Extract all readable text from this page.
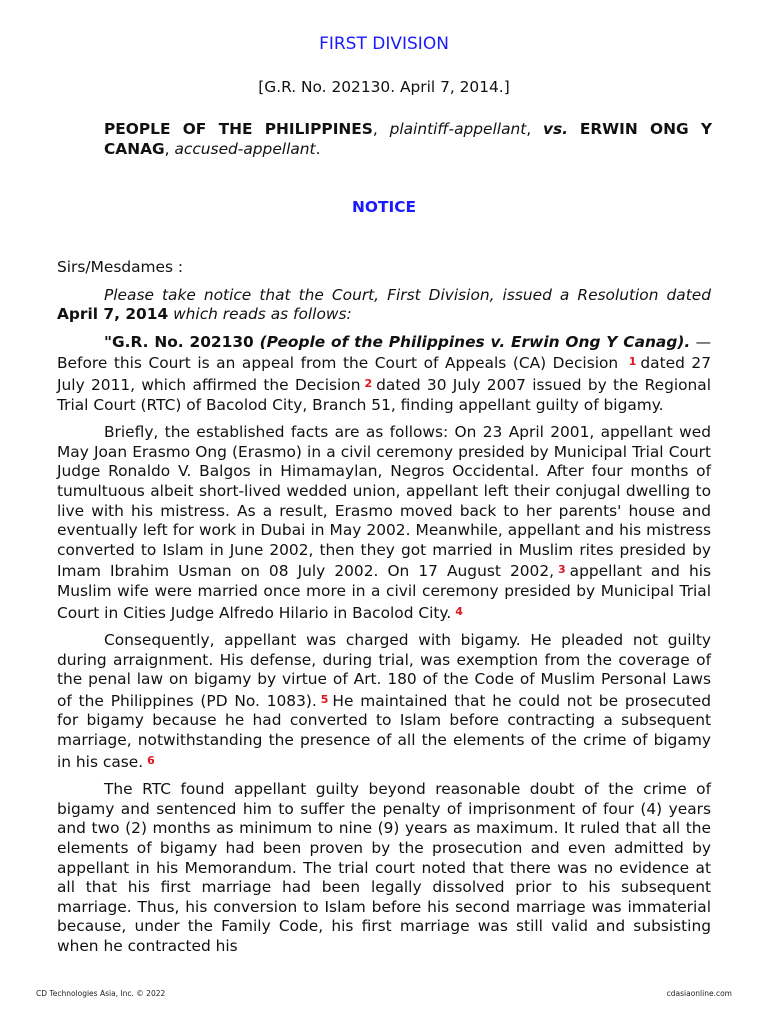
FIRST DIVISION
[G.R. No. 202130. April 7, 2014.]
PEOPLE OF THE PHILIPPINES, plaintiff-appellant, vs. ERWIN ONG Y CANAG, accused-appellant.
NOTICE

Sirs/Mesdames :

Please take notice that the Court, First Division, issued a Resolution dated April 7, 2014 which reads as follows:

"G.R. No. 202130 (People of the Philippines v. Erwin Ong Y Canag). — Before this Court is an appeal from the Court of Appeals (CA) Decision 1 dated 27 July 2011, which affirmed the Decision 2 dated 30 July 2007 issued by the Regional Trial Court (RTC) of Bacolod City, Branch 51, finding appellant guilty of bigamy.

Briefly, the established facts are as follows: On 23 April 2001, appellant wed May Joan Erasmo Ong (Erasmo) in a civil ceremony presided by Municipal Trial Court Judge Ronaldo V. Balgos in Himamaylan, Negros Occidental. After four months of tumultuous albeit short-lived wedded union, appellant left their conjugal dwelling to live with his mistress. As a result, Erasmo moved back to her parents' house and eventually left for work in Dubai in May 2002. Meanwhile, appellant and his mistress converted to Islam in June 2002, then they got married in Muslim rites presided by Imam Ibrahim Usman on 08 July 2002. On 17 August 2002, 3 appellant and his Muslim wife were married once more in a civil ceremony presided by Municipal Trial Court in Cities Judge Alfredo Hilario in Bacolod City. 4

Consequently, appellant was charged with bigamy. He pleaded not guilty during arraignment. His defense, during trial, was exemption from the coverage of the penal law on bigamy by virtue of Art. 180 of the Code of Muslim Personal Laws of the Philippines (PD No. 1083). 5 He maintained that he could not be prosecuted for bigamy because he had converted to Islam before contracting a subsequent marriage, notwithstanding the presence of all the elements of the crime of bigamy in his case. 6

The RTC found appellant guilty beyond reasonable doubt of the crime of bigamy and sentenced him to suffer the penalty of imprisonment of four (4) years and two (2) months as minimum to nine (9) years as maximum. It ruled that all the elements of bigamy had been proven by the prosecution and even admitted by appellant in his Memorandum. The trial court noted that there was no evidence at all that his first marriage had been legally dissolved prior to his subsequent marriage. Thus, his conversion to Islam before his second marriage was immaterial because, under the Family Code, his first marriage was still valid and subsisting when he contracted his

CD Technologies Asia, Inc. © 2022	cdasiaonline.com
